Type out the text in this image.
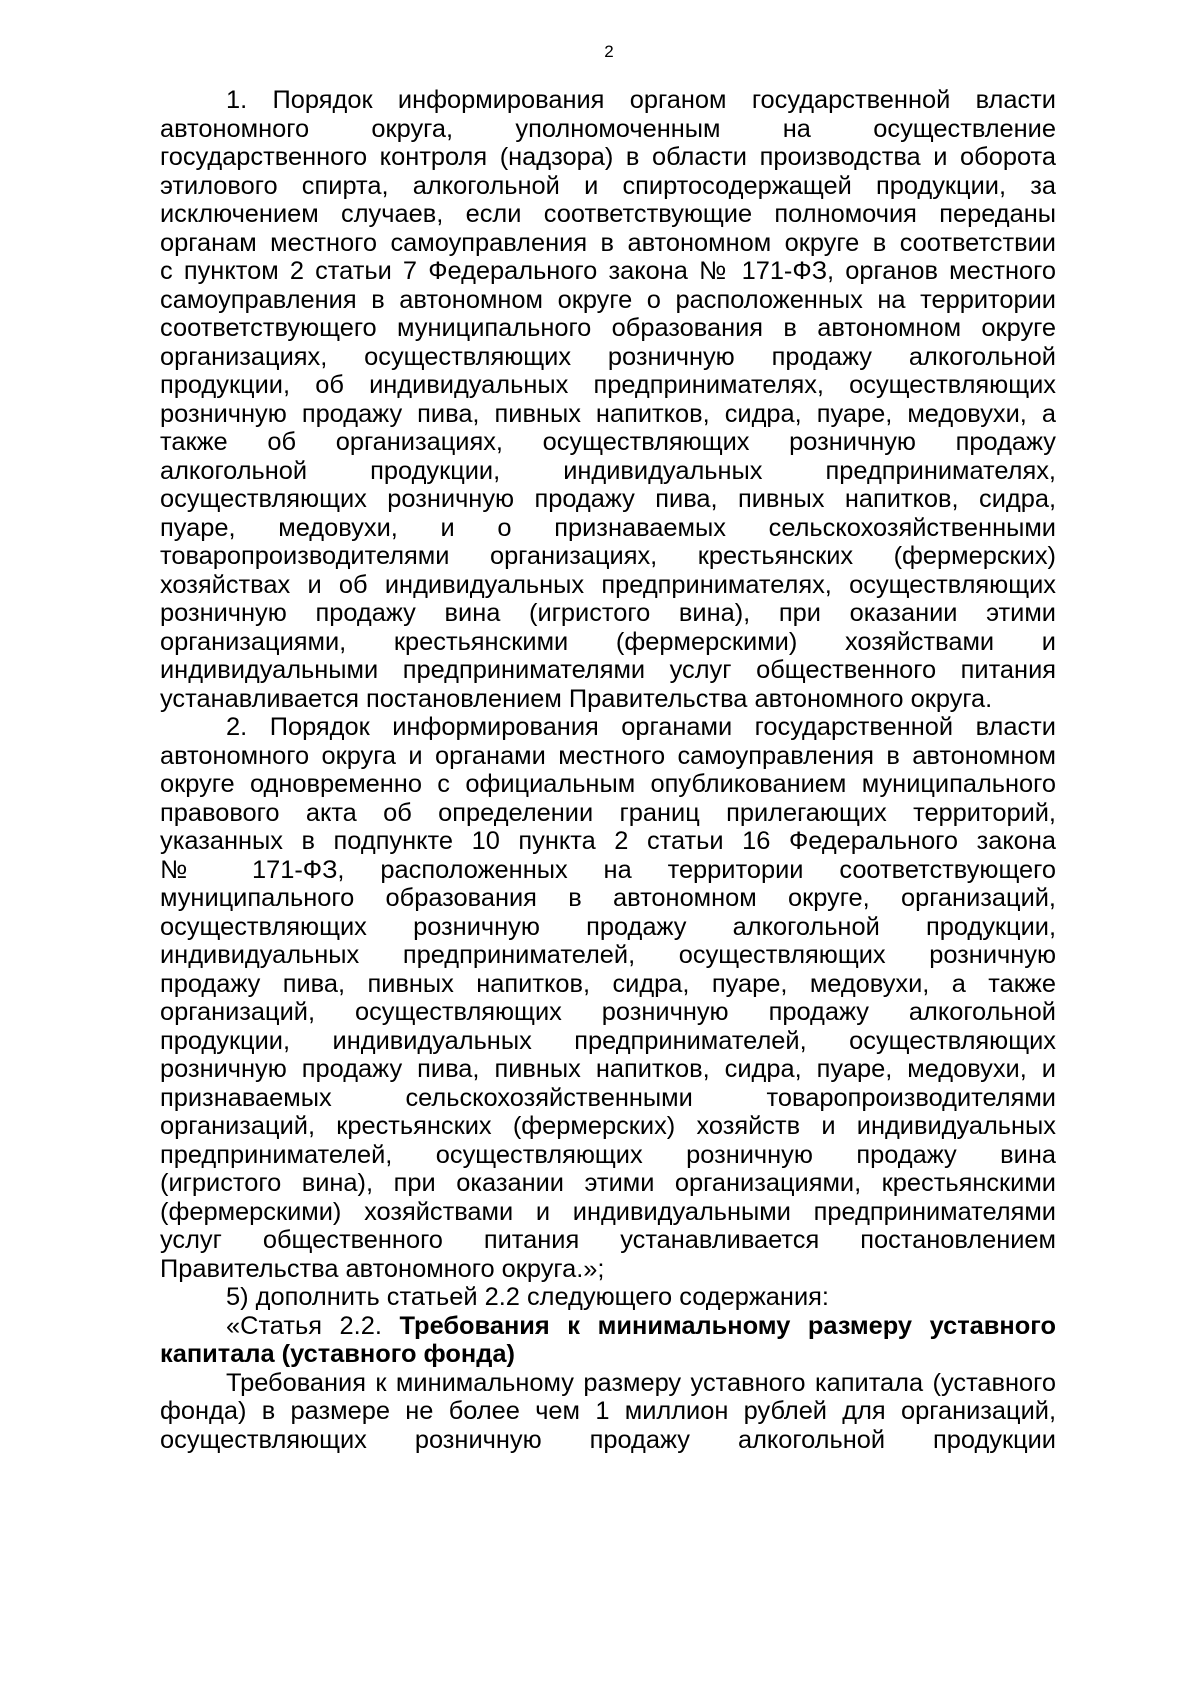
2
1. Порядок информирования органом государственной власти
автономного округа, уполномоченным на осуществление
государственного контроля (надзора) в области производства и оборота
этилового спирта, алкогольной и спиртосодержащей продукции, за
исключением случаев, если соответствующие полномочия переданы
органам местного самоуправления в автономном округе в соответствии
с пунктом 2 статьи 7 Федерального закона № 171-ФЗ, органов местного
самоуправления в автономном округе о расположенных на территории
соответствующего муниципального образования в автономном округе
организациях, осуществляющих розничную продажу алкогольной
продукции, об индивидуальных предпринимателях, осуществляющих
розничную продажу пива, пивных напитков, сидра, пуаре, медовухи, а
также об организациях, осуществляющих розничную продажу
алкогольной продукции, индивидуальных предпринимателях,
осуществляющих розничную продажу пива, пивных напитков, сидра,
пуаре, медовухи, и о признаваемых сельскохозяйственными
товаропроизводителями организациях, крестьянских (фермерских)
хозяйствах и об индивидуальных предпринимателях, осуществляющих
розничную продажу вина (игристого вина), при оказании этими
организациями, крестьянскими (фермерскими) хозяйствами и
индивидуальными предпринимателями услуг общественного питания
устанавливается постановлением Правительства автономного округа.
2. Порядок информирования органами государственной власти
автономного округа и органами местного самоуправления в автономном
округе одновременно с официальным опубликованием муниципального
правового акта об определении границ прилегающих территорий,
указанных в подпункте 10 пункта 2 статьи 16 Федерального закона
№ 171-ФЗ, расположенных на территории соответствующего
муниципального образования в автономном округе, организаций,
осуществляющих розничную продажу алкогольной продукции,
индивидуальных предпринимателей, осуществляющих розничную
продажу пива, пивных напитков, сидра, пуаре, медовухи, а также
организаций, осуществляющих розничную продажу алкогольной
продукции, индивидуальных предпринимателей, осуществляющих
розничную продажу пива, пивных напитков, сидра, пуаре, медовухи, и
признаваемых сельскохозяйственными товаропроизводителями
организаций, крестьянских (фермерских) хозяйств и индивидуальных
предпринимателей, осуществляющих розничную продажу вина
(игристого вина), при оказании этими организациями, крестьянскими
(фермерскими) хозяйствами и индивидуальными предпринимателями
услуг общественного питания устанавливается постановлением
Правительства автономного округа.»;
5) дополнить статьей 2.2 следующего содержания:
«Статья 2.2. Требования к минимальному размеру уставного
капитала (уставного фонда)
Требования к минимальному размеру уставного капитала (уставного
фонда) в размере не более чем 1 миллион рублей для организаций,
осуществляющих розничную продажу алкогольной продукции
